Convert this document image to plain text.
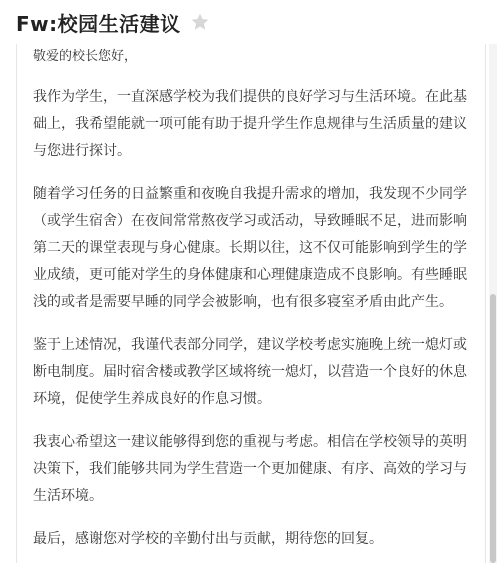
Fw:校园生活建议

敬爱的校长您好，

我作为学生，一直深感学校为我们提供的良好学习与生活环境。在此基础上，我希望能就一项可能有助于提升学生作息规律与生活质量的建议与您进行探讨。

随着学习任务的日益繁重和夜晚自我提升需求的增加，我发现不少同学（或学生宿舍）在夜间常常熬夜学习或活动，导致睡眠不足，进而影响第二天的课堂表现与身心健康。长期以往，这不仅可能影响到学生的学业成绩，更可能对学生的身体健康和心理健康造成不良影响。有些睡眠浅的或者是需要早睡的同学会被影响，也有很多寝室矛盾由此产生。

鉴于上述情况，我谨代表部分同学，建议学校考虑实施晚上统一熄灯或断电制度。届时宿舍楼或教学区域将统一熄灯，以营造一个良好的休息环境，促使学生养成良好的作息习惯。

我衷心希望这一建议能够得到您的重视与考虑。相信在学校领导的英明决策下，我们能够共同为学生营造一个更加健康、有序、高效的学习与生活环境。

最后，感谢您对学校的辛勤付出与贡献，期待您的回复。
